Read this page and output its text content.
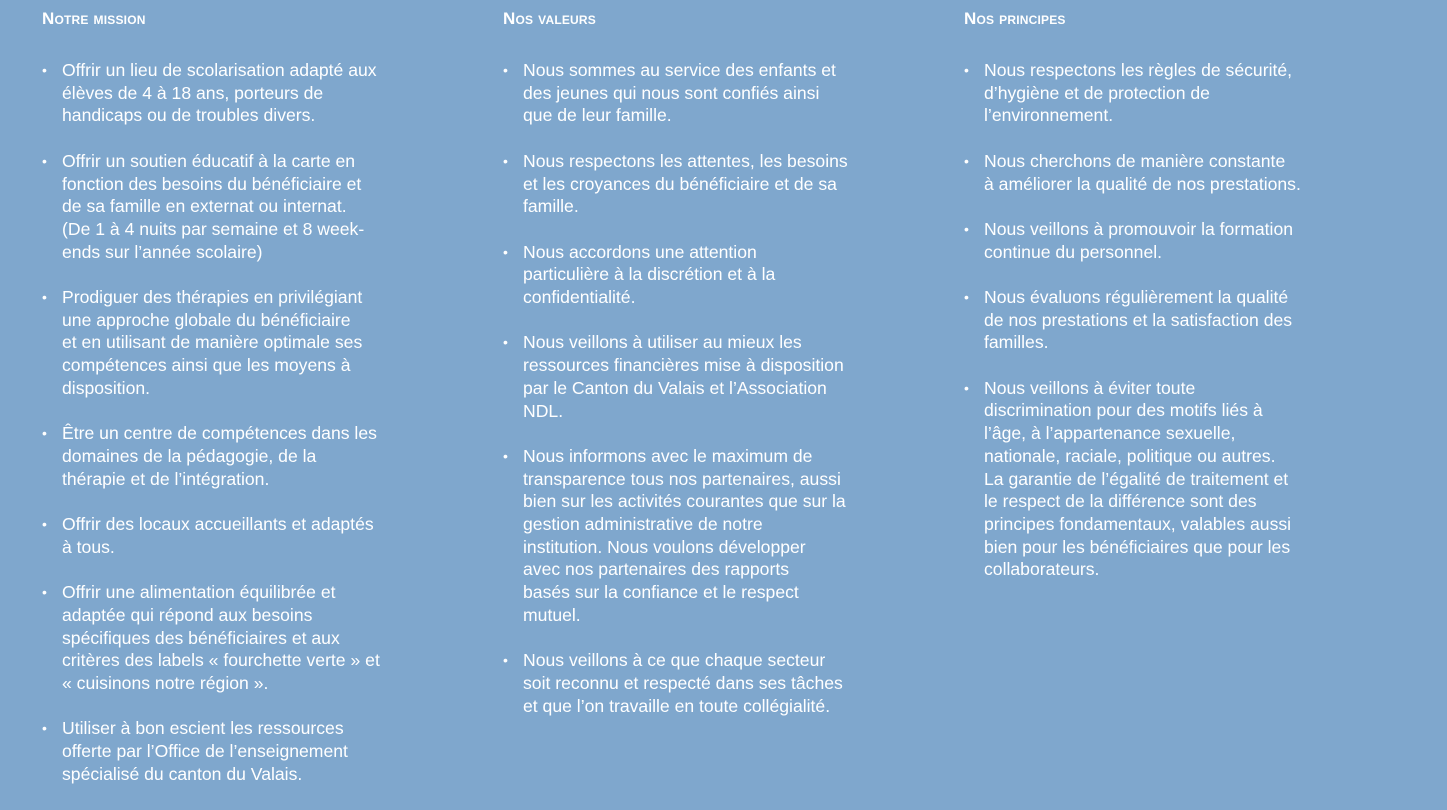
Notre mission
• Offrir un lieu de scolarisation adapté aux
élèves de 4 à 18 ans, porteurs de
handicaps ou de troubles divers.
• Offrir un soutien éducatif à la carte en
fonction des besoins du bénéficiaire et
de sa famille en externat ou internat.
(De 1 à 4 nuits par semaine et 8 week-
ends sur l’année scolaire)
• Prodiguer des thérapies en privilégiant
une approche globale du bénéficiaire
et en utilisant de manière optimale ses
compétences ainsi que les moyens à
disposition.
• Être un centre de compétences dans les
domaines de la pédagogie, de la
thérapie et de l’intégration.
• Offrir des locaux accueillants et adaptés
à tous.
• Offrir une alimentation équilibrée et
adaptée qui répond aux besoins
spécifiques des bénéficiaires et aux
critères des labels « fourchette verte » et
« cuisinons notre région ».
• Utiliser à bon escient les ressources
offerte par l’Office de l’enseignement
spécialisé du canton du Valais.
Nos valeurs
• Nous sommes au service des enfants et
des jeunes qui nous sont confiés ainsi
que de leur famille.
• Nous respectons les attentes, les besoins
et les croyances du bénéficiaire et de sa
famille.
• Nous accordons une attention
particulière à la discrétion et à la
confidentialité.
• Nous veillons à utiliser au mieux les
ressources financières mise à disposition
par le Canton du Valais et l’Association
NDL.
• Nous informons avec le maximum de
transparence tous nos partenaires, aussi
bien sur les activités courantes que sur la
gestion administrative de notre
institution. Nous voulons développer
avec nos partenaires des rapports
basés sur la confiance et le respect
mutuel.
• Nous veillons à ce que chaque secteur
soit reconnu et respecté dans ses tâches
et que l’on travaille en toute collégialité.
Nos principes
• Nous respectons les règles de sécurité,
d’hygiène et de protection de
l’environnement.
• Nous cherchons de manière constante
à améliorer la qualité de nos prestations.
• Nous veillons à promouvoir la formation
continue du personnel.
• Nous évaluons régulièrement la qualité
de nos prestations et la satisfaction des
familles.
• Nous veillons à éviter toute
discrimination pour des motifs liés à
l’âge, à l’appartenance sexuelle,
nationale, raciale, politique ou autres.
La garantie de l’égalité de traitement et
le respect de la différence sont des
principes fondamentaux, valables aussi
bien pour les bénéficiaires que pour les
collaborateurs.
